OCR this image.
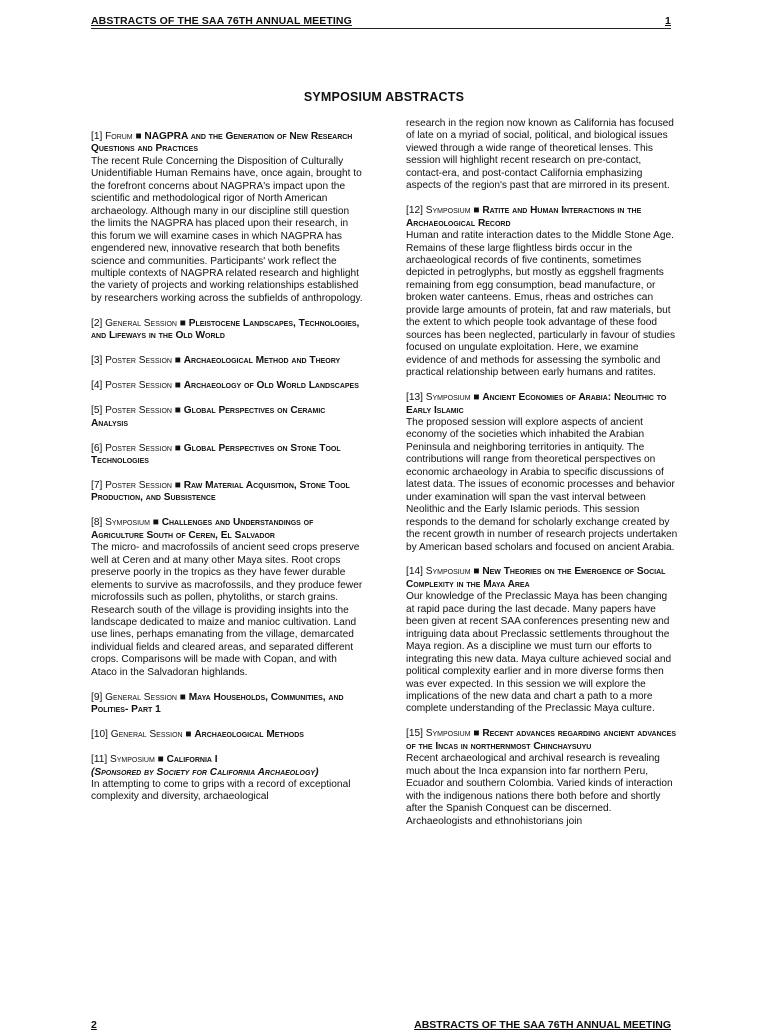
ABSTRACTS OF THE SAA 76TH ANNUAL MEETING	1
SYMPOSIUM ABSTRACTS
[1] Forum ■ NAGPRA and the Generation of New Research Questions and Practices

The recent Rule Concerning the Disposition of Culturally Unidentifiable Human Remains have, once again, brought to the forefront concerns about NAGPRA's impact upon the scientific and methodological rigor of North American archaeology. Although many in our discipline still question the limits the NAGPRA has placed upon their research, in this forum we will examine cases in which NAGPRA has engendered new, innovative research that both benefits science and communities. Participants' work reflect the multiple contexts of NAGPRA related research and highlight the variety of projects and working relationships established by researchers working across the subfields of anthropology.

[2] General Session ■ Pleistocene Landscapes, Technologies, and Lifeways in the Old World
[3] Poster Session ■ Archaeological Method and Theory
[4] Poster Session ■ Archaeology of Old World Landscapes
[5] Poster Session ■ Global Perspectives on Ceramic Analysis
[6] Poster Session ■ Global Perspectives on Stone Tool Technologies
[7] Poster Session ■ Raw Material Acquisition, Stone Tool Production, and Subsistence
[8] Symposium ■ Challenges and Understandings of Agriculture South of Ceren, El Salvador

The micro- and macrofossils of ancient seed crops preserve well at Ceren and at many other Maya sites. Root crops preserve poorly in the tropics as they have fewer durable elements to survive as macrofossils, and they produce fewer microfossils such as pollen, phytoliths, or starch grains. Research south of the village is providing insights into the landscape dedicated to maize and manioc cultivation. Land use lines, perhaps emanating from the village, demarcated individual fields and cleared areas, and separated different crops. Comparisons will be made with Copan, and with Ataco in the Salvadoran highlands.

[9] General Session ■ Maya Households, Communities, and Polities- Part 1
[10] General Session ■ Archaeological Methods
[11] Symposium ■ California I
(Sponsored by Society for California Archaeology)

In attempting to come to grips with a record of exceptional complexity and diversity, archaeological

research in the region now known as California has focused of late on a myriad of social, political, and biological issues viewed through a wide range of theoretical lenses. This session will highlight recent research on pre-contact, contact-era, and post-contact California emphasizing aspects of the region's past that are mirrored in its present.

[12] Symposium ■ Ratite and Human Interactions in the Archaeological Record

Human and ratite interaction dates to the Middle Stone Age. Remains of these large flightless birds occur in the archaeological records of five continents, sometimes depicted in petroglyphs, but mostly as eggshell fragments remaining from egg consumption, bead manufacture, or broken water canteens. Emus, rheas and ostriches can provide large amounts of protein, fat and raw materials, but the extent to which people took advantage of these food sources has been neglected, particularly in favour of studies focused on ungulate exploitation. Here, we examine evidence of and methods for assessing the symbolic and practical relationship between early humans and ratites.

[13] Symposium ■ Ancient Economies of Arabia: Neolithic to Early Islamic

The proposed session will explore aspects of ancient economy of the societies which inhabited the Arabian Peninsula and neighboring territories in antiquity. The contributions will range from theoretical perspectives on economic archaeology in Arabia to specific discussions of latest data. The issues of economic processes and behavior under examination will span the vast interval between Neolithic and the Early Islamic periods. This session responds to the demand for scholarly exchange created by the recent growth in number of research projects undertaken by American based scholars and focused on ancient Arabia.

[14] Symposium ■ New Theories on the Emergence of Social Complexity in the Maya Area

Our knowledge of the Preclassic Maya has been changing at rapid pace during the last decade. Many papers have been given at recent SAA conferences presenting new and intriguing data about Preclassic settlements throughout the Maya region. As a discipline we must turn our efforts to integrating this new data. Maya culture achieved social and political complexity earlier and in more diverse forms then was ever expected. In this session we will explore the implications of the new data and chart a path to a more complete understanding of the Preclassic Maya culture.

[15] Symposium ■ Recent advances regarding ancient advances of the Incas in northernmost Chinchaysuyu

Recent archaeological and archival research is revealing much about the Inca expansion into far northern Peru, Ecuador and southern Colombia. Varied kinds of interaction with the indigenous nations there both before and shortly after the Spanish Conquest can be discerned. Archaeologists and ethnohistorians join

2	ABSTRACTS OF THE SAA 76TH ANNUAL MEETING
